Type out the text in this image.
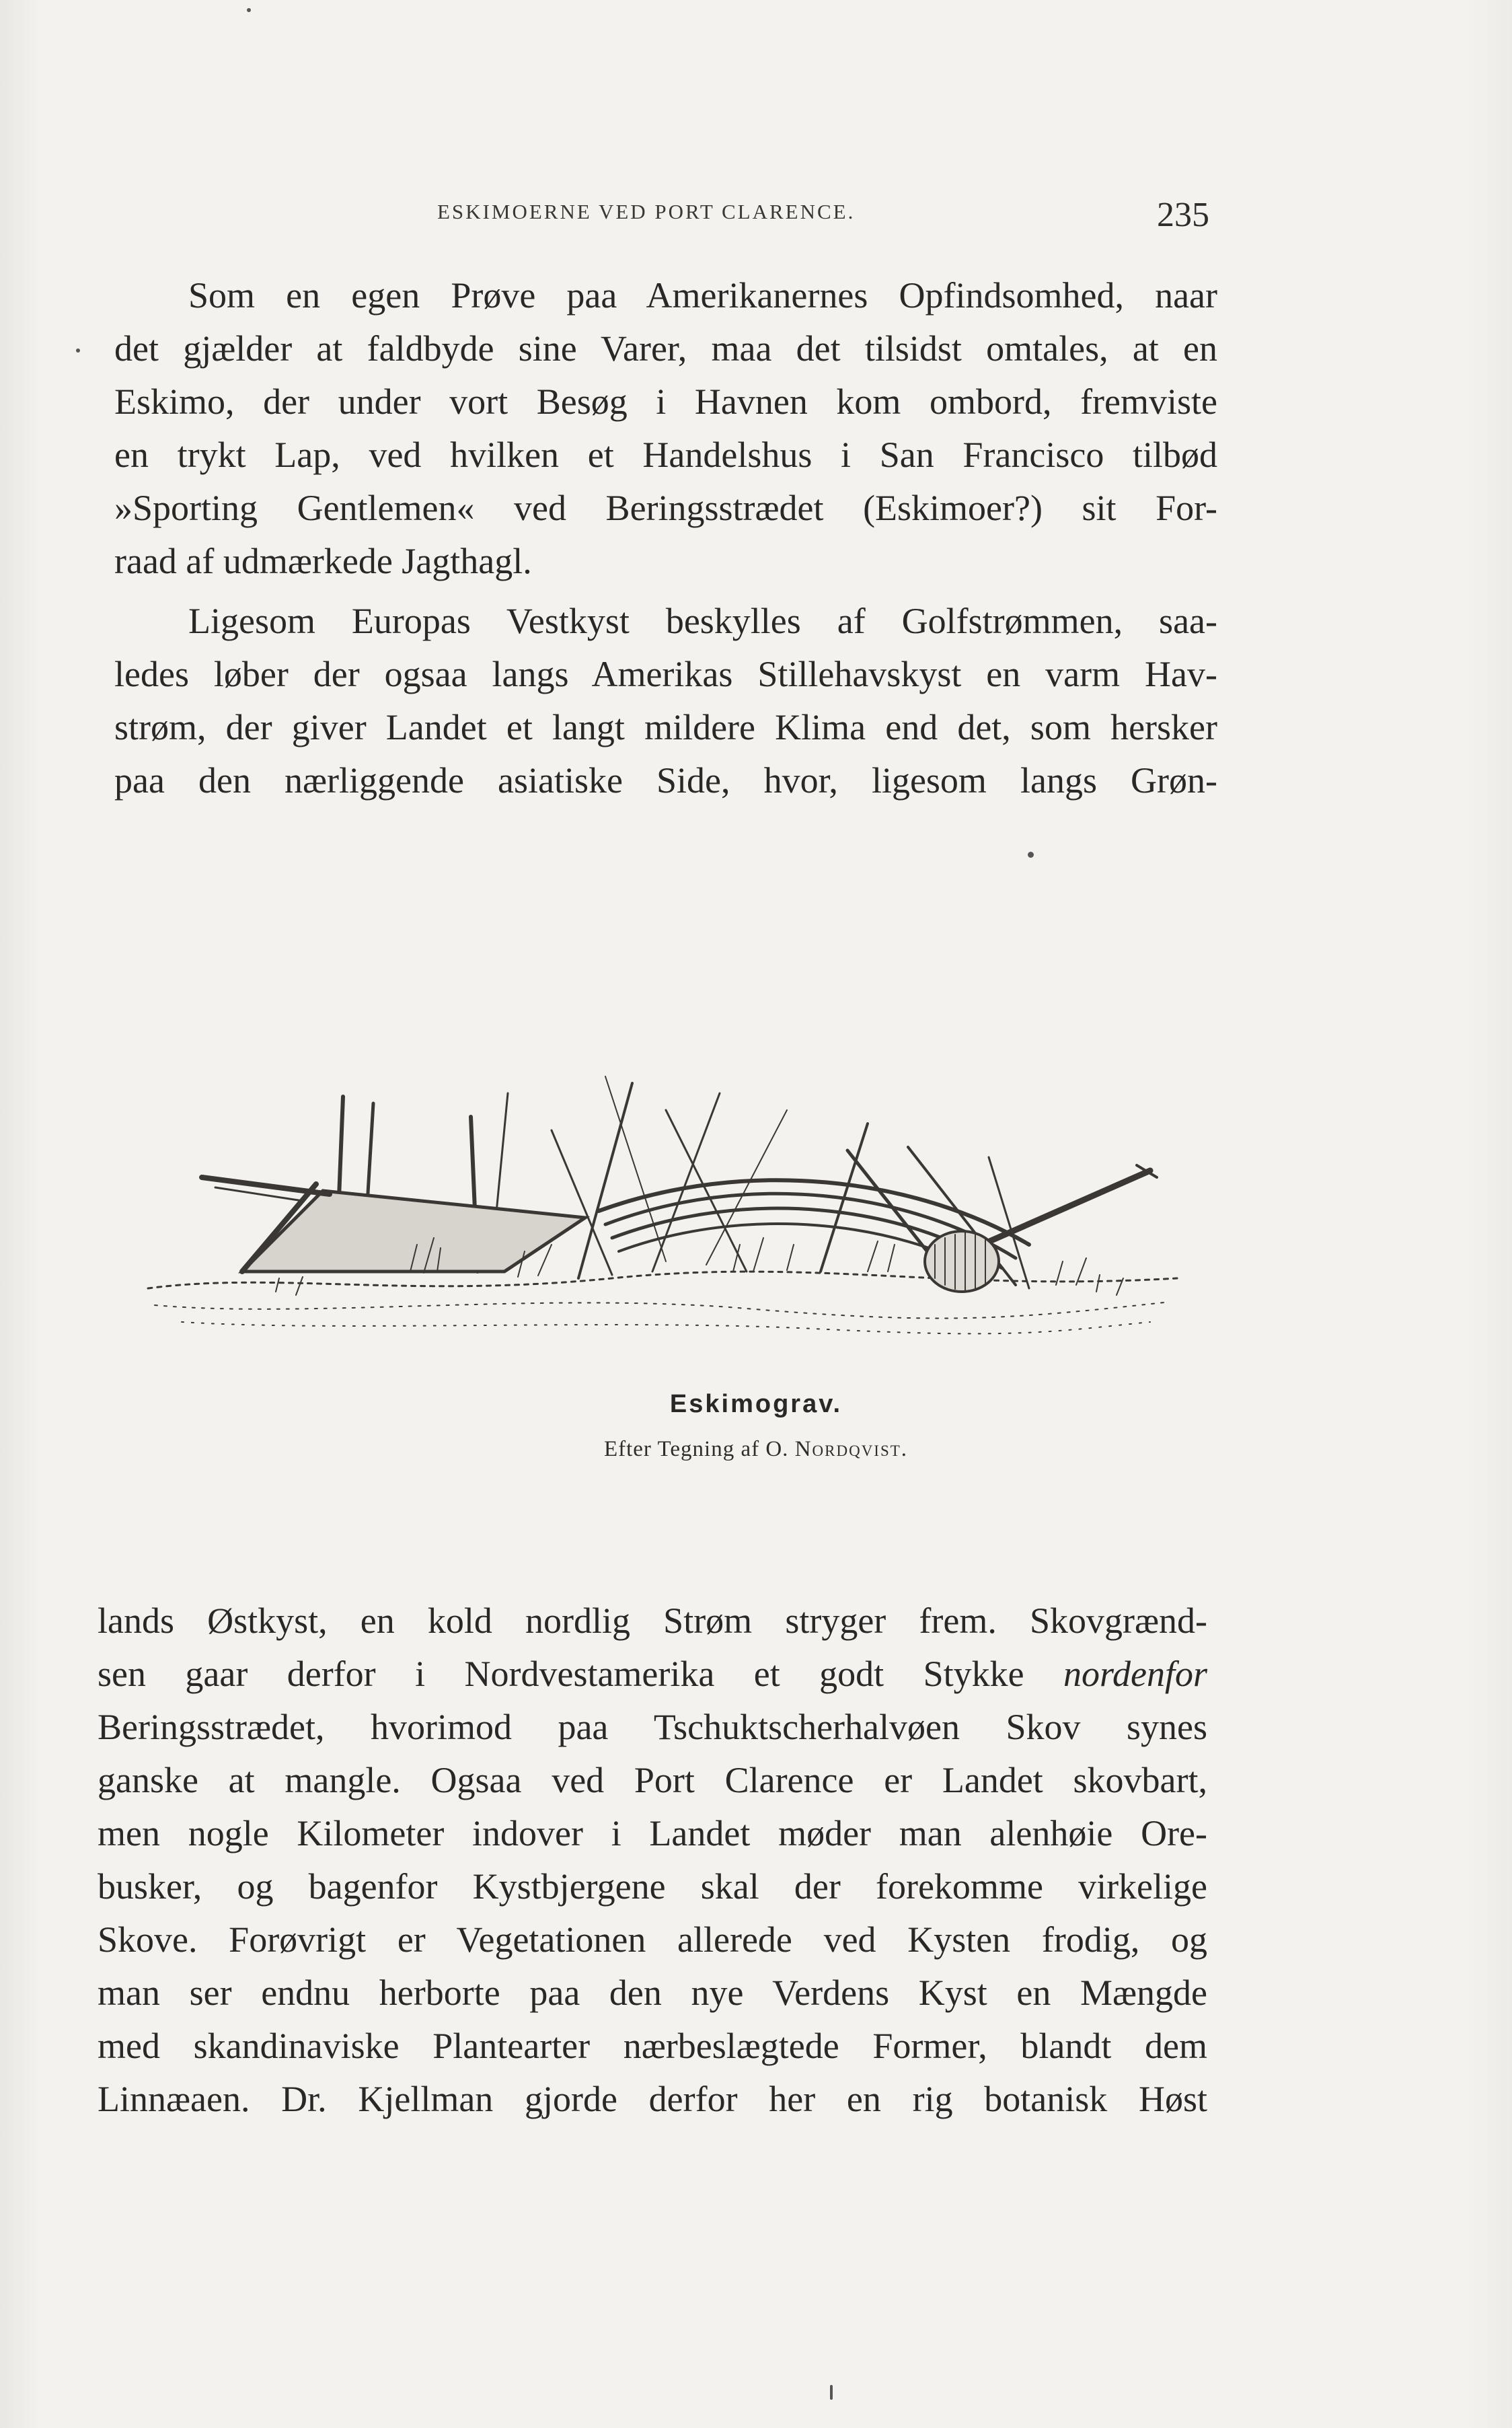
ESKIMOERNE VED PORT CLARENCE.	235
Som en egen Prøve paa Amerikanernes Opfindsomhed, naar
det gjælder at faldbyde sine Varer, maa det tilsidst omtales, at en
Eskimo, der under vort Besøg i Havnen kom ombord, fremviste
en trykt Lap, ved hvilken et Handelshus i San Francisco tilbød
»Sporting Gentlemen« ved Beringsstrædet (Eskimoer?) sit For-
raad af udmærkede Jagthagl.
Ligesom Europas Vestkyst beskylles af Golfstrømmen, saa-
ledes løber der ogsaa langs Amerikas Stillehavskyst en varm Hav-
strøm, der giver Landet et langt mildere Klima end det, som hersker
paa den nærliggende asiatiske Side, hvor, ligesom langs Grøn-
Eskimograv.
Efter Tegning af O. Nordqvist.
lands Østkyst, en kold nordlig Strøm stryger frem. Skovgrænd-
sen gaar derfor i Nordvestamerika et godt Stykke nordenfor
Beringsstrædet, hvorimod paa Tschuktscherhalvøen Skov synes
ganske at mangle. Ogsaa ved Port Clarence er Landet skovbart,
men nogle Kilometer indover i Landet møder man alenhøie Ore-
busker, og bagenfor Kystbjergene skal der forekomme virkelige
Skove. Forøvrigt er Vegetationen allerede ved Kysten frodig, og
man ser endnu herborte paa den nye Verdens Kyst en Mængde
med skandinaviske Plantearter nærbeslægtede Former, blandt dem
Linnæaen. Dr. Kjellman gjorde derfor her en rig botanisk Høst
